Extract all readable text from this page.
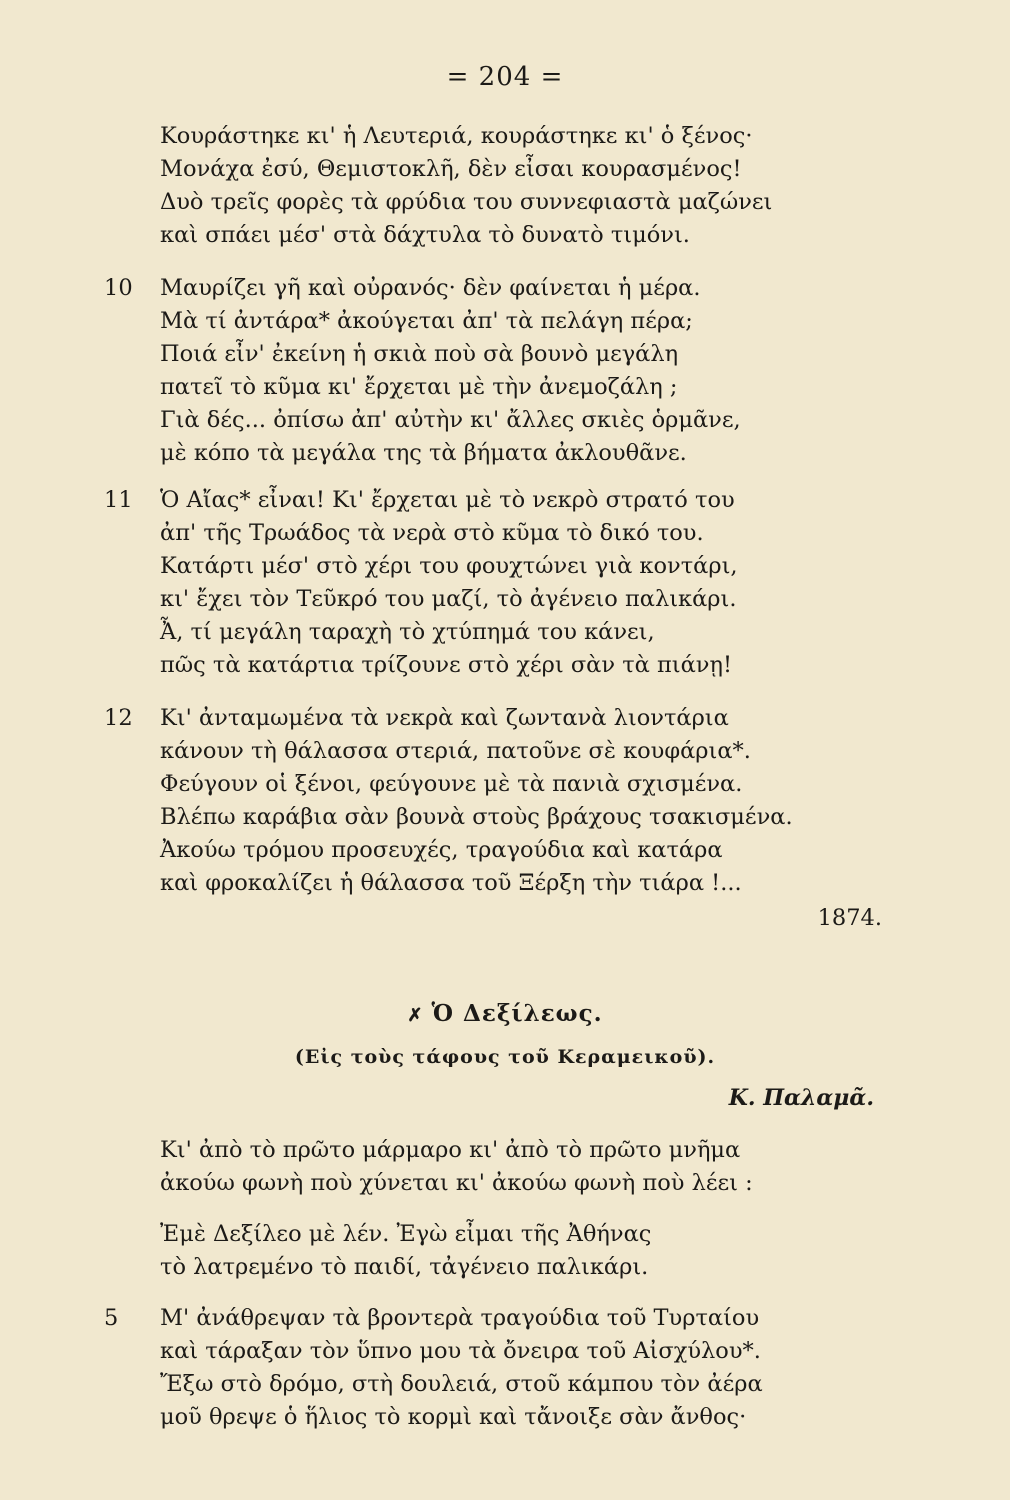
= 204 =
Κουράστηκε κι' ἡ Λευτεριά, κουράστηκε κι' ὁ ξένος·
Μονάχα ἐσύ, Θεμιστοκλῆ, δὲν εἶσαι κουρασμένος!
Δυὸ τρεῖς φορὲς τὰ φρύδια του συννεφιαστὰ μαζώνει
καὶ σπάει μέσ' στὰ δάχτυλα τὸ δυνατὸ τιμόνι.
10 Μαυρίζει γῆ καὶ οὐρανός· δὲν φαίνεται ἡ μέρα.
Μὰ τί ἀντάρα* ἀκούγεται ἀπ' τὰ πελάγη πέρα;
Ποιά εἶν' ἐκείνη ἡ σκιὰ ποὺ σὰ βουνὸ μεγάλη
πατεῖ τὸ κῦμα κι' ἔρχεται μὲ τὴν ἀνεμοζάλη ;
Γιὰ δές... ὀπίσω ἀπ' αὐτὴν κι' ἄλλες σκιὲς ὁρμᾶνε,
μὲ κόπο τὰ μεγάλα της τὰ βήματα ἀκλουθᾶνε.
11 Ὁ Αἴας* εἶναι! Κι' ἔρχεται μὲ τὸ νεκρὸ στρατό του
ἀπ' τῆς Τρωάδος τὰ νερὰ στὸ κῦμα τὸ δικό του.
Κατάρτι μέσ' στὸ χέρι του φουχτώνει γιὰ κοντάρι,
κι' ἔχει τὸν Τεῦκρό του μαζί, τὸ ἀγένειο παλικάρι.
Ἆ, τί μεγάλη ταραχὴ τὸ χτύπημά του κάνει,
πῶς τὰ κατάρτια τρίζουνε στὸ χέρι σὰν τὰ πιάνῃ!
12 Κι' ἀνταμωμένα τὰ νεκρὰ καὶ ζωντανὰ λιοντάρια
κάνουν τὴ θάλασσα στεριά, πατοῦνε σὲ κουφάρια*.
Φεύγουν οἱ ξένοι, φεύγουνε μὲ τὰ πανιὰ σχισμένα.
Βλέπω καράβια σὰν βουνὰ στοὺς βράχους τσακισμένα.
Ἀκούω τρόμου προσευχές, τραγούδια καὶ κατάρα
καὶ φροκαλίζει ἡ θάλασσα τοῦ Ξέρξη τὴν τιάρα !...
1874.
✗ Ὁ Δεξίλεως.
(Εἰς τοὺς τάφους τοῦ Κεραμεικοῦ).
Κ. Παλαμᾶ.
Κι' ἀπὸ τὸ πρῶτο μάρμαρο κι' ἀπὸ τὸ πρῶτο μνῆμα
ἀκούω φωνὴ ποὺ χύνεται κι' ἀκούω φωνὴ ποὺ λέει :
Ἐμὲ Δεξίλεο μὲ λέν. Ἐγὼ εἶμαι τῆς Ἀθήνας
τὸ λατρεμένο τὸ παιδί, τἀγένειο παλικάρι.
5 Μ' ἀνάθρεψαν τὰ βροντερὰ τραγούδια τοῦ Τυρταίου
καὶ τάραξαν τὸν ὕπνο μου τὰ ὄνειρα τοῦ Αἰσχύλου*.
Ἔξω στὸ δρόμο, στὴ δουλειά, στοῦ κάμπου τὸν ἀέρα
μοῦ θρεψε ὁ ἥλιος τὸ κορμὶ καὶ τἄνοιξε σὰν ἄνθος·
